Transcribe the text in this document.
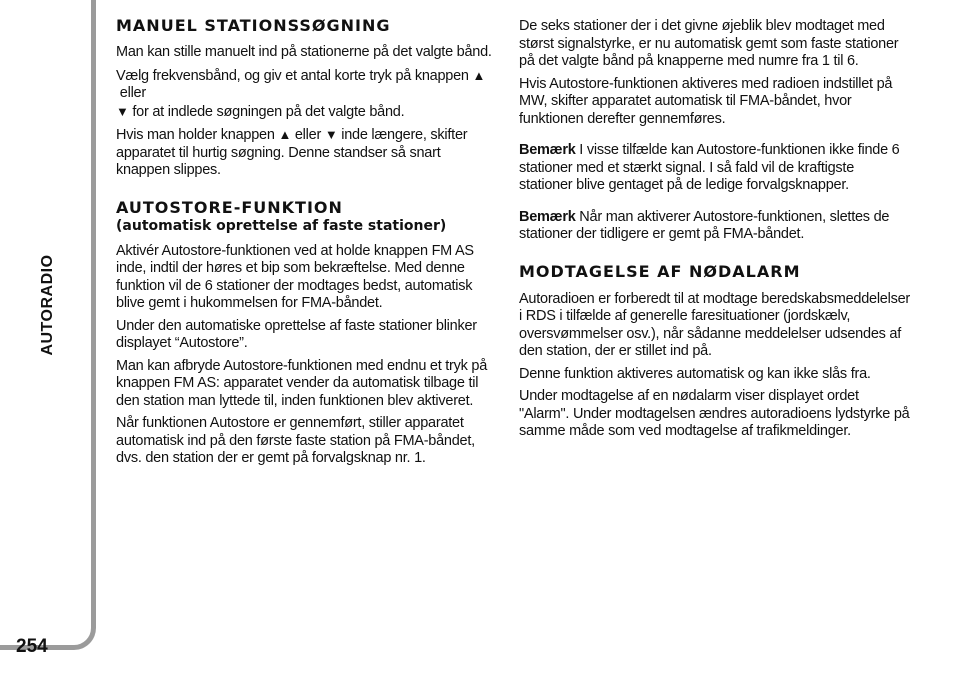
AUTORADIO
254
MANUEL STATIONSSØGNING

Man kan stille manuelt ind på stationerne på det valgte bånd.

Vælg frekvensbånd, og giv et antal korte tryk på knappen ▲ eller
▼ for at indlede søgningen på det valgte bånd.

Hvis man holder knappen ▲ eller ▼ inde længere, skifter apparatet til hurtig søgning. Denne standser så snart knappen slippes.

AUTOSTORE-FUNKTION
(automatisk oprettelse af faste stationer)

Aktivér Autostore-funktionen ved at holde knappen FM AS inde, indtil der høres et bip som bekræftelse. Med denne funktion vil de 6 stationer der modtages bedst, automatisk blive gemt i hukommelsen for FMA-båndet.

Under den automatiske oprettelse af faste stationer blinker displayet “Autostore”.

Man kan afbryde Autostore-funktionen med endnu et tryk på knappen FM AS: apparatet vender da automatisk tilbage til den station man lyttede til, inden funktionen blev aktiveret.

Når funktionen Autostore er gennemført, stiller apparatet automatisk ind på den første faste station på FMA-båndet, dvs. den station der er gemt på forvalgsknap nr. 1.

De seks stationer der i det givne øjeblik blev modtaget med størst signalstyrke, er nu automatisk gemt som faste stationer på det valgte bånd på knapperne med numre fra 1 til 6.

Hvis Autostore-funktionen aktiveres med radioen indstillet på MW, skifter apparatet automatisk til FMA-båndet, hvor funktionen derefter gennemføres.

Bemærk I visse tilfælde kan Autostore-funktionen ikke finde 6 stationer med et stærkt signal. I så fald vil de kraftigste stationer blive gentaget på de ledige forvalgsknapper.

Bemærk Når man aktiverer Autostore-funktionen, slettes de stationer der tidligere er gemt på FMA-båndet.

MODTAGELSE AF NØDALARM

Autoradioen er forberedt til at modtage beredskabsmeddelelser i RDS i tilfælde af generelle faresituationer (jordskælv, oversvømmelser osv.), når sådanne meddelelser udsendes af den station, der er stillet ind på.

Denne funktion aktiveres automatisk og kan ikke slås fra.

Under modtagelse af en nødalarm viser displayet ordet "Alarm". Under modtagelsen ændres autoradioens lydstyrke på samme måde som ved modtagelse af trafikmeldinger.
